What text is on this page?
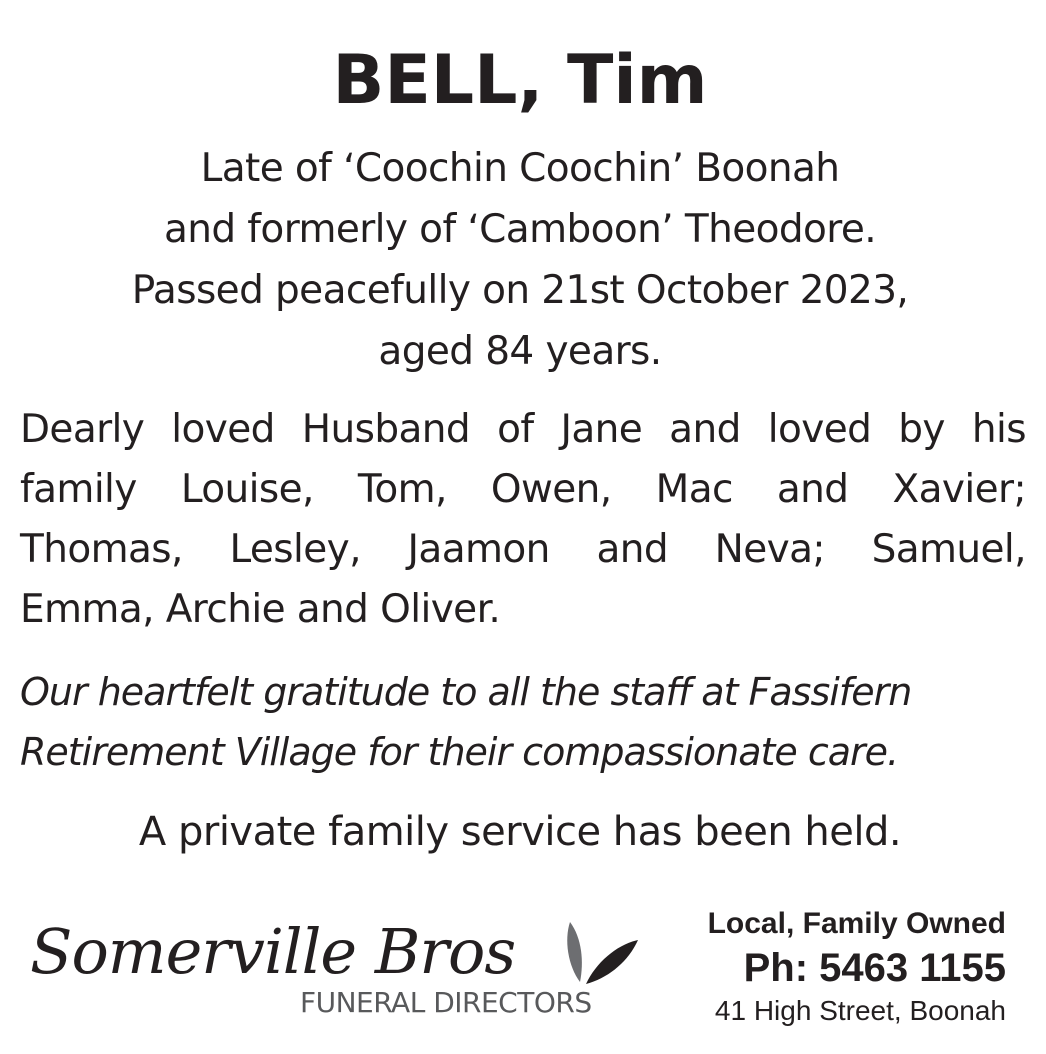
BELL, Tim
Late of ‘Coochin Coochin’ Boonah
and formerly of ‘Camboon’ Theodore.
Passed peacefully on 21st October 2023,
aged 84 years.
Dearly loved Husband of Jane and loved by his
family Louise, Tom, Owen, Mac and Xavier;
Thomas, Lesley, Jaamon and Neva; Samuel,
Emma, Archie and Oliver.
Our heartfelt gratitude to all the staff at Fassifern
Retirement Village for their compassionate care.
A private family service has been held.
Somerville Bros
FUNERAL DIRECTORS
Local, Family Owned
Ph: 5463 1155
41 High Street, Boonah
